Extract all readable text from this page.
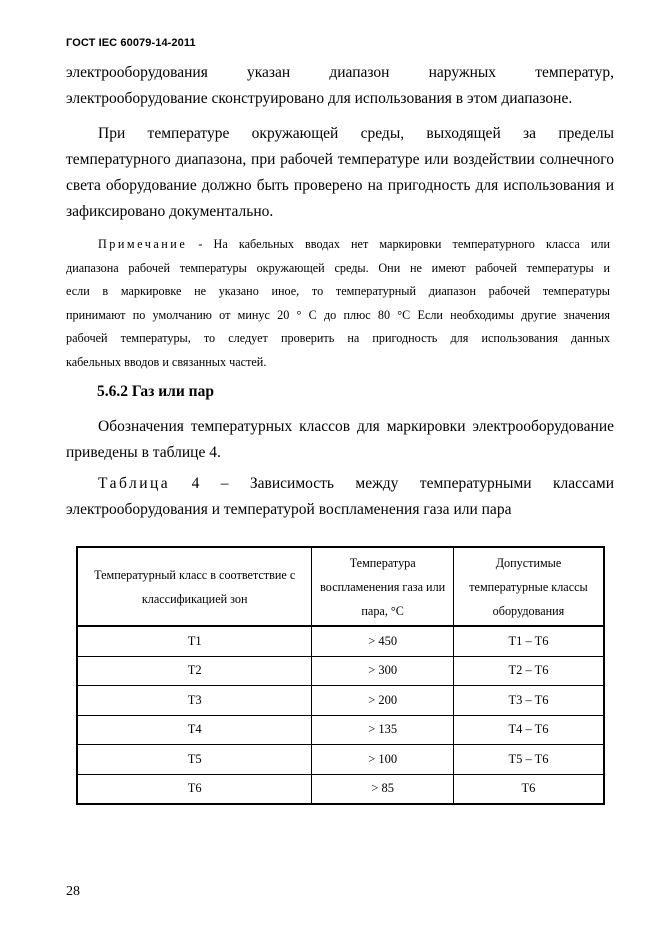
ГОСТ IEC 60079-14-2011
электрооборудования указан диапазон наружных температур,
электрооборудование сконструировано для использования в этом диапазоне.
При температуре окружающей среды, выходящей за пределы
температурного диапазона, при рабочей температуре или воздействии солнечного
света оборудование должно быть проверено на пригодность для использования и
зафиксировано документально.
Примечание - На кабельных вводах нет маркировки температурного класса или
диапазона рабочей температуры окружающей среды. Они не имеют рабочей температуры и
если в маркировке не указано иное, то температурный диапазон рабочей температуры
принимают по умолчанию от минус 20 ° С до плюс 80 °С Если необходимы другие значения
рабочей температуры, то следует проверить на пригодность для использования данных
кабельных вводов и связанных частей.
5.6.2 Газ или пар
Обозначения температурных классов для маркировки электрооборудование
приведены в таблице 4.
Таблица 4 – Зависимость между температурными классами
электрооборудования и температурой воспламенения газа или пара
Температурный класс в соответствие с классификацией зон	Температура воспламенения газа или пара, °С	Допустимые температурные классы оборудования
T1	> 450	T1 – T6
T2	> 300	T2 – T6
T3	> 200	T3 – T6
T4	> 135	T4 – T6
T5	> 100	T5 – T6
T6	> 85	T6
28
